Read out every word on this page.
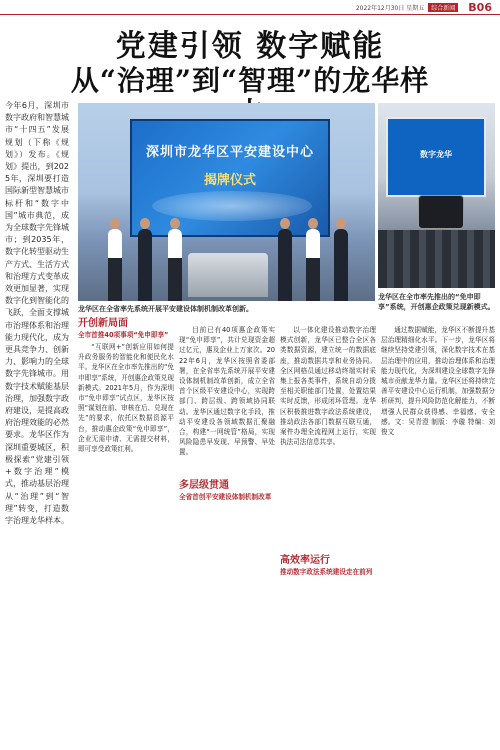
2022年12月30日 星期五	综合新闻 B06
党建引领 数字赋能
从“治理”到“智理”的龙华样
今年6月，深圳市数字政府和智慧城市“十四五”发展规划（下称《规划》）发布。《规划》提出，到2025年，深圳要打造国际新型智慧城市标杆和“数字中国”城市典范，成为全球数字先锋城市；到2035年，数字化转型驱动生产方式、生活方式和治理方式变革成效更加显著，实现数字化到智能化的飞跃，全面支撑城市治理体系和治理能力现代化，成为更具竞争力、创新力、影响力的全球数字先锋城市。用数字技术赋能基层治理，加强数字政府建设，是提高政府治理效能的必然要求。龙华区作为深圳重要城区，积极探索“党建引领+数字治理”模式，推动基层治理从“治理”到“智理”转变，打造数字治理龙华样本。
深圳市龙华区平安建设中心
揭牌仪式
龙华区在全省率先系统开展平安建设体制机制改革创新。
数字龙华
龙华区在全市率先推出的“免申即享”系统，开创惠企政策兑现新模式。
开创新局面
全市首推40项事项“免申即享”

“互联网+”创新应用如何提升政务服务的智能化和便民化水平。龙华区在全市率先推出的“免申即享”系统，开创惠企政策兑现新模式。2021年5月，作为深圳市“免申即享”试点区，龙华区按照“谋划在前、审核在后、兑现在先”的要求，依托区数据资源平台，推动惠企政策“免申即享”，企业无需申请、无需提交材料，即可享受政策红利。

目前已有40项惠企政策实现“免申即享”，共计兑现资金超过亿元，惠及企业上万家次。2022年6月，龙华区按照省委部署，在全省率先系统开展平安建设体制机制改革创新，成立全省首个区级平安建设中心，实现跨部门、跨层级、跨领域协同联动。龙华区通过数字化手段，推动平安建设各领域数据汇聚融合，构建“一网统管”格局，实现风险隐患早发现、早预警、早处置。

多层级贯通
全省首创平安建设体制机制改革

以一体化建设推动数字治理模式创新，龙华区已整合全区各类数据资源，建立统一的数据底座，推动数据共享和业务协同。全区网格员通过移动终端实时采集上报各类事件，系统自动分拨至相关职能部门处置，处置结果实时反馈，形成闭环管理。龙华区积极推进数字政法系统建设，推动政法各部门数据互联互通，案件办理全流程网上运行，实现执法司法信息共享。

高效率运行
推动数字政法系统建设走在前列

通过数据赋能，龙华区不断提升基层治理精细化水平。下一步，龙华区将继续坚持党建引领，深化数字技术在基层治理中的应用，推动治理体系和治理能力现代化，为深圳建设全球数字先锋城市贡献龙华力量。龙华区还将持续完善平安建设中心运行机制，加强数据分析研判，提升风险防范化解能力，不断增强人民群众获得感、幸福感、安全感。文：吴青澄 制版：李璇 特编：刘俊文
